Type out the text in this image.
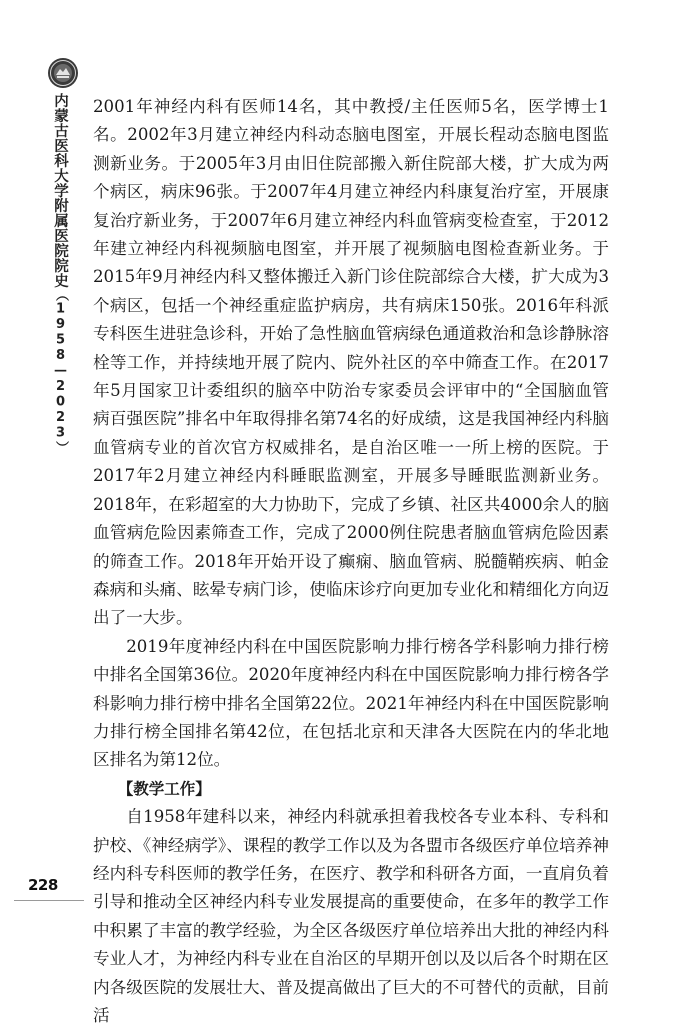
内蒙古医科大学附属医院院史（1958—2023）
228

2001年神经内科有医师14名，其中教授/主任医师5名，医学博士1名。2002年3月建立神经内科动态脑电图室，开展长程动态脑电图监测新业务。于2005年3月由旧住院部搬入新住院部大楼，扩大成为两个病区，病床96张。于2007年4月建立神经内科康复治疗室，开展康复治疗新业务，于2007年6月建立神经内科血管病变检查室，于2012年建立神经内科视频脑电图室，并开展了视频脑电图检查新业务。于2015年9月神经内科又整体搬迁入新门诊住院部综合大楼，扩大成为3个病区，包括一个神经重症监护病房，共有病床150张。2016年科派专科医生进驻急诊科，开始了急性脑血管病绿色通道救治和急诊静脉溶栓等工作，并持续地开展了院内、院外社区的卒中筛查工作。在2017年5月国家卫计委组织的脑卒中防治专家委员会评审中的“全国脑血管病百强医院”排名中年取得排名第74名的好成绩，这是我国神经内科脑血管病专业的首次官方权威排名，是自治区唯一一所上榜的医院。于2017年2月建立神经内科睡眠监测室，开展多导睡眠监测新业务。2018年，在彩超室的大力协助下，完成了乡镇、社区共4000余人的脑血管病危险因素筛查工作，完成了2000例住院患者脑血管病危险因素的筛查工作。2018年开始开设了癫痫、脑血管病、脱髓鞘疾病、帕金森病和头痛、眩晕专病门诊，使临床诊疗向更加专业化和精细化方向迈出了一大步。

2019年度神经内科在中国医院影响力排行榜各学科影响力排行榜中排名全国第36位。2020年度神经内科在中国医院影响力排行榜各学科影响力排行榜中排名全国第22位。2021年神经内科在中国医院影响力排行榜全国排名第42位，在包括北京和天津各大医院在内的华北地区排名为第12位。

【教学工作】

自1958年建科以来，神经内科就承担着我校各专业本科、专科和护校、《神经病学》、课程的教学工作以及为各盟市各级医疗单位培养神经内科专科医师的教学任务，在医疗、教学和科研各方面，一直肩负着引导和推动全区神经内科专业发展提高的重要使命，在多年的教学工作中积累了丰富的教学经验，为全区各级医疗单位培养出大批的神经内科专业人才，为神经内科专业在自治区的早期开创以及以后各个时期在区内各级医院的发展壮大、普及提高做出了巨大的不可替代的贡献，目前活
